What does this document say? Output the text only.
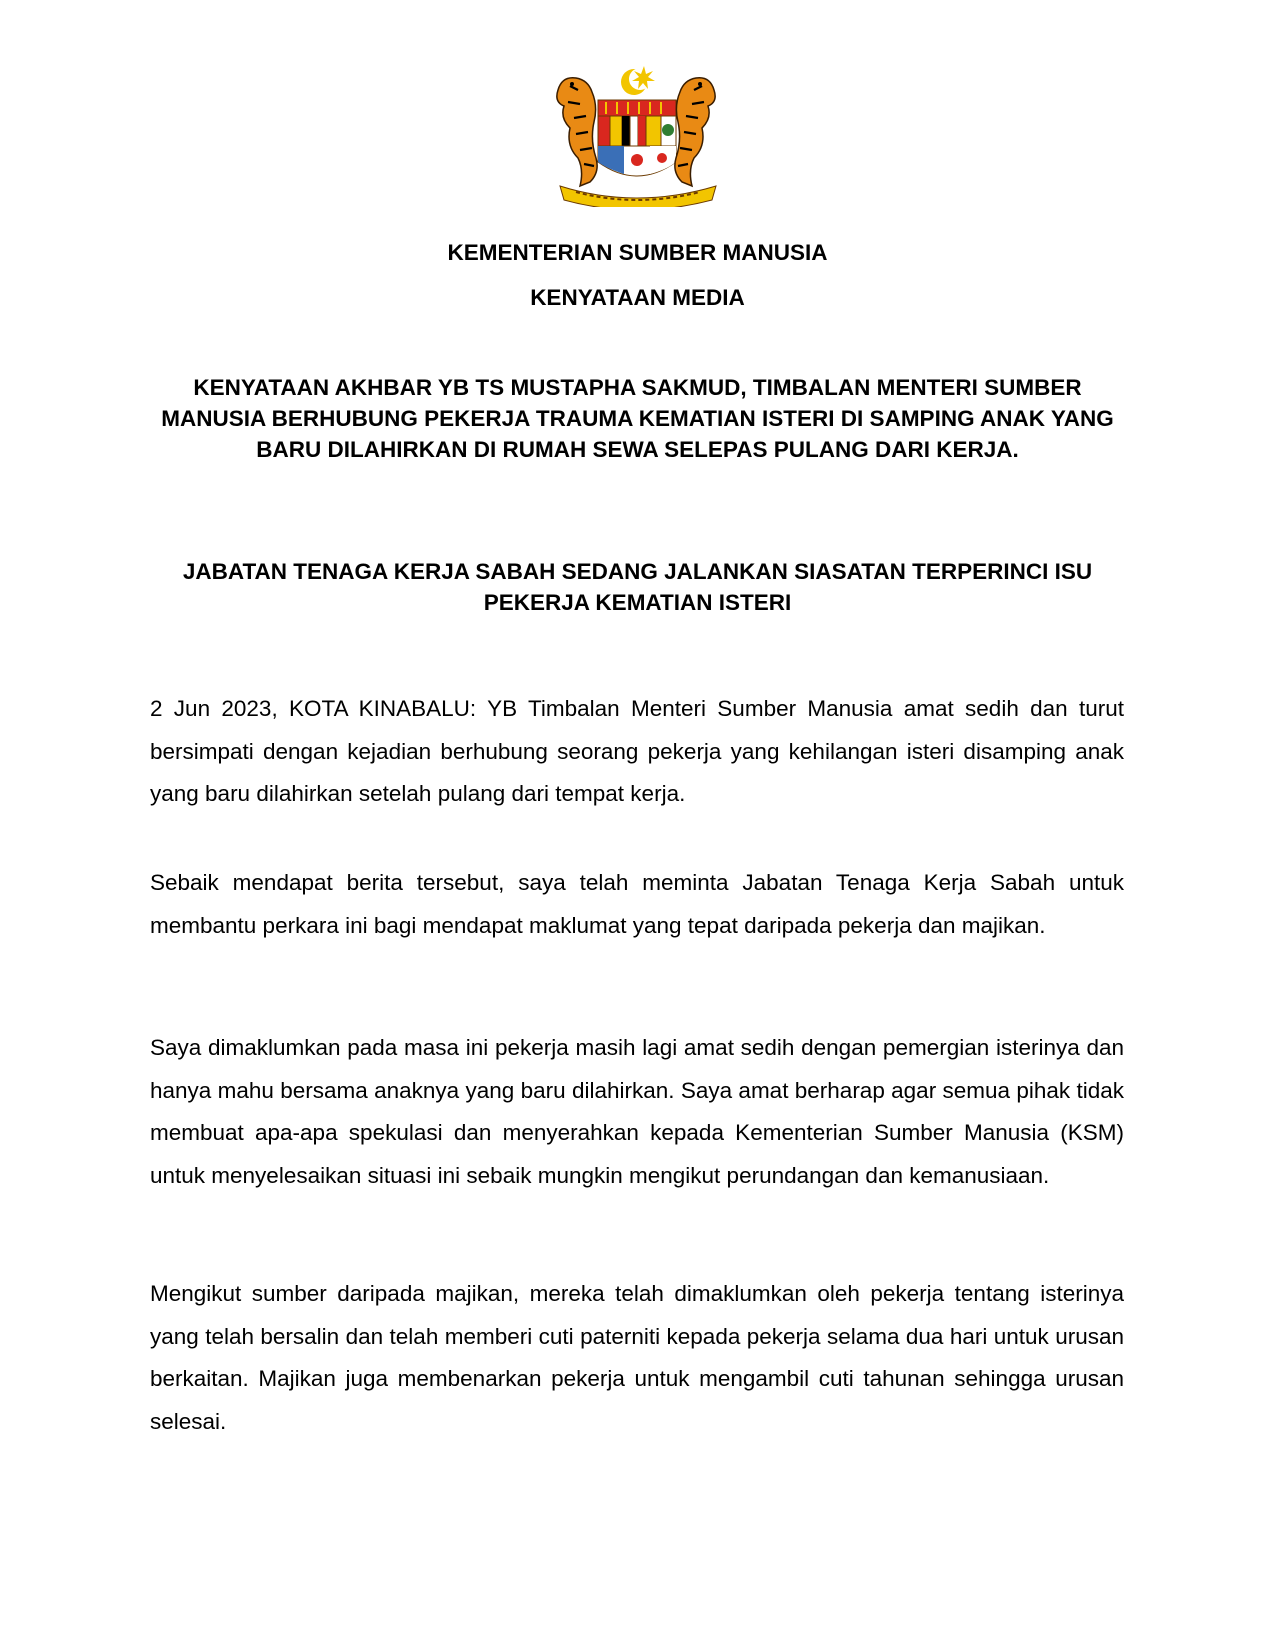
KEMENTERIAN SUMBER MANUSIA
KENYATAAN MEDIA

KENYATAAN AKHBAR YB TS MUSTAPHA SAKMUD, TIMBALAN MENTERI SUMBER MANUSIA BERHUBUNG PEKERJA TRAUMA KEMATIAN ISTERI DI SAMPING ANAK YANG BARU DILAHIRKAN DI RUMAH SEWA SELEPAS PULANG DARI KERJA.

JABATAN TENAGA KERJA SABAH SEDANG JALANKAN SIASATAN TERPERINCI ISU PEKERJA KEMATIAN ISTERI

2 Jun 2023, KOTA KINABALU: YB Timbalan Menteri Sumber Manusia amat sedih dan turut bersimpati dengan kejadian berhubung seorang pekerja yang kehilangan isteri disamping anak yang baru dilahirkan setelah pulang dari tempat kerja.

Sebaik mendapat berita tersebut, saya telah meminta Jabatan Tenaga Kerja Sabah untuk membantu perkara ini bagi mendapat maklumat yang tepat daripada pekerja dan majikan.

Saya dimaklumkan pada masa ini pekerja masih lagi amat sedih dengan pemergian isterinya dan hanya mahu bersama anaknya yang baru dilahirkan. Saya amat berharap agar semua pihak tidak membuat apa-apa spekulasi dan menyerahkan kepada Kementerian Sumber Manusia (KSM) untuk menyelesaikan situasi ini sebaik mungkin mengikut perundangan dan kemanusiaan.

Mengikut sumber daripada majikan, mereka telah dimaklumkan oleh pekerja tentang isterinya yang telah bersalin dan telah memberi cuti paterniti kepada pekerja selama dua hari untuk urusan berkaitan. Majikan juga membenarkan pekerja untuk mengambil cuti tahunan sehingga urusan selesai.
